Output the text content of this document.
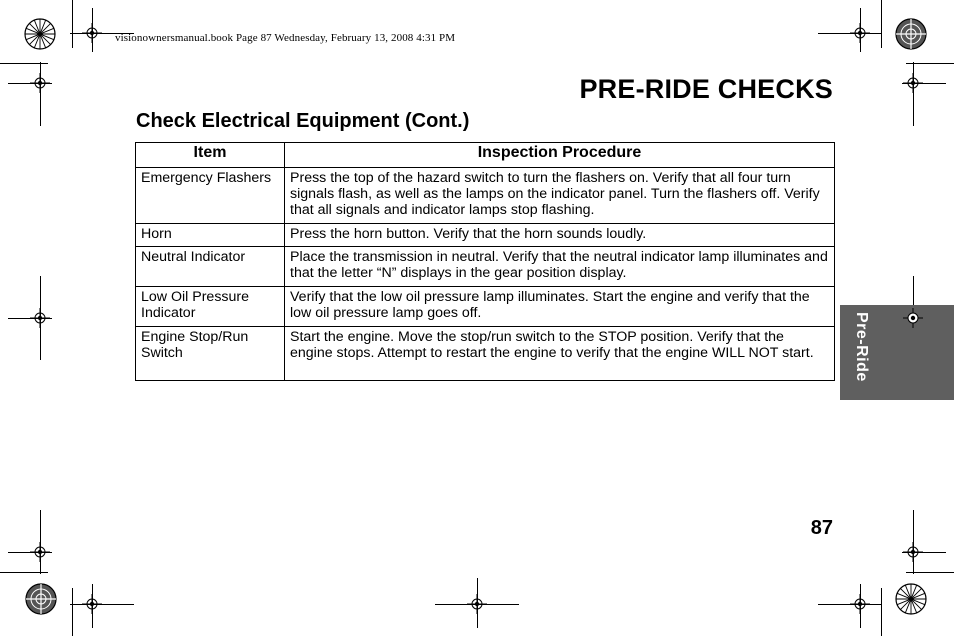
visionownersmanual.book Page 87 Wednesday, February 13, 2008 4:31 PM
PRE-RIDE CHECKS
Check Electrical Equipment (Cont.)
Item	Inspection Procedure
Emergency Flashers	Press the top of the hazard switch to turn the flashers on. Verify that all four turn signals flash, as well as the lamps on the indicator panel. Turn the flashers off. Verify that all signals and indicator lamps stop flashing.
Horn	Press the horn button. Verify that the horn sounds loudly.
Neutral Indicator	Place the transmission in neutral. Verify that the neutral indicator lamp illuminates and that the letter “N” displays in the gear position display.
Low Oil Pressure Indicator	Verify that the low oil pressure lamp illuminates. Start the engine and verify that the low oil pressure lamp goes off.
Engine Stop/Run Switch	Start the engine. Move the stop/run switch to the STOP position. Verify that the engine stops. Attempt to restart the engine to verify that the engine WILL NOT start. Pre-Ride
87
